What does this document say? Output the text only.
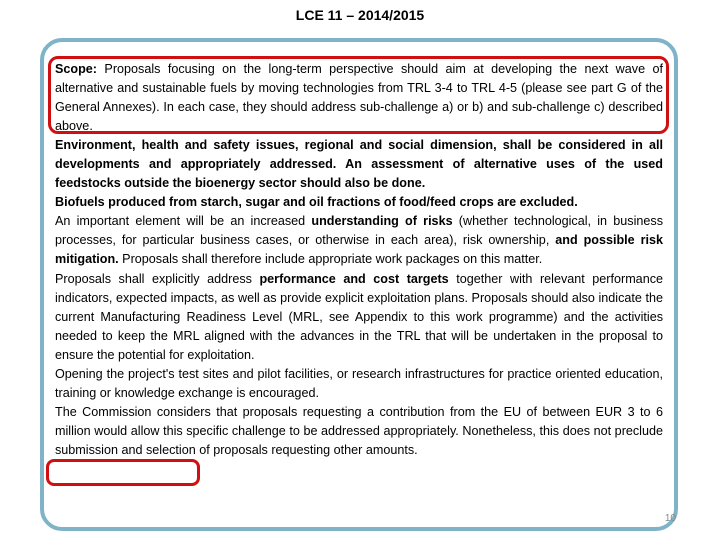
LCE 11 – 2014/2015

Scope: Proposals focusing on the long-term perspective should aim at developing the next wave of alternative and sustainable fuels by moving technologies from TRL 3-4 to TRL 4-5 (please see part G of the General Annexes). In each case, they should address sub-challenge a) or b) and sub-challenge c) described above.

Environment, health and safety issues, regional and social dimension, shall be considered in all developments and appropriately addressed. An assessment of alternative uses of the used feedstocks outside the bioenergy sector should also be done.

Biofuels produced from starch, sugar and oil fractions of food/feed crops are excluded.

An important element will be an increased understanding of risks (whether technological, in business processes, for particular business cases, or otherwise in each area), risk ownership, and possible risk mitigation. Proposals shall therefore include appropriate work packages on this matter.

Proposals shall explicitly address performance and cost targets together with relevant performance indicators, expected impacts, as well as provide explicit exploitation plans. Proposals should also indicate the current Manufacturing Readiness Level (MRL, see Appendix to this work programme) and the activities needed to keep the MRL aligned with the advances in the TRL that will be undertaken in the proposal to ensure the potential for exploitation.

Opening the project's test sites and pilot facilities, or research infrastructures for practice oriented education, training or knowledge exchange is encouraged.

The Commission considers that proposals requesting a contribution from the EU of between EUR 3 to 6 million would allow this specific challenge to be addressed appropriately. Nonetheless, this does not preclude submission and selection of proposals requesting other amounts.

10
